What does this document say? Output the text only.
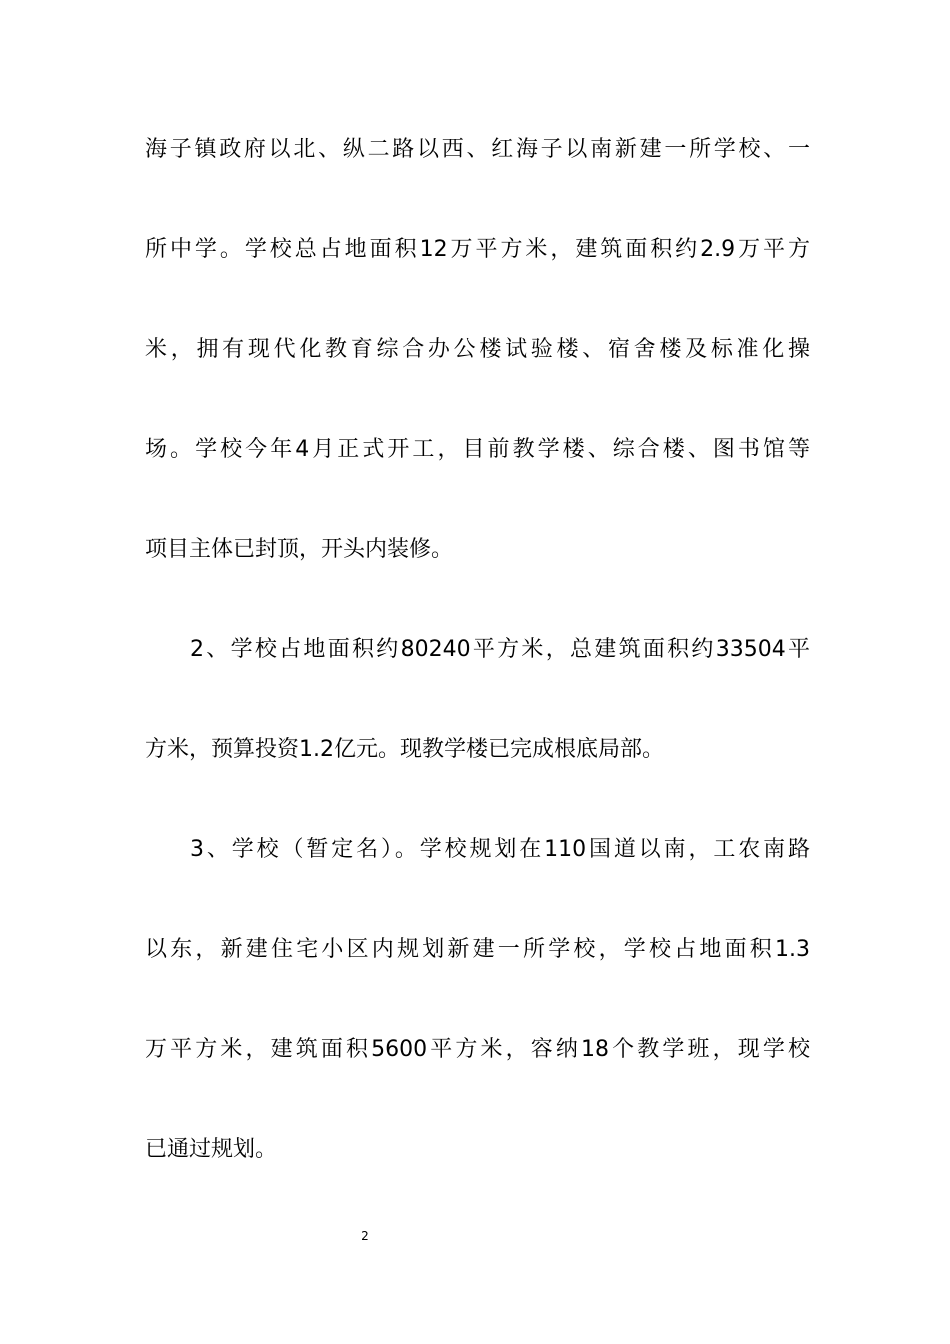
海子镇政府以北、纵二路以西、红海子以南新建一所学校、一
所中学。学校总占地面积12万平方米，建筑面积约2.9万平方
米，拥有现代化教育综合办公楼试验楼、宿舍楼及标准化操
场。学校今年4月正式开工，目前教学楼、综合楼、图书馆等
项目主体已封顶，开头内装修。
2、学校占地面积约80240平方米，总建筑面积约33504平
方米，预算投资1.2亿元。现教学楼已完成根底局部。
3、学校（暂定名）。学校规划在110国道以南，工农南路
以东，新建住宅小区内规划新建一所学校，学校占地面积1.3
万平方米，建筑面积5600平方米，容纳18个教学班，现学校
已通过规划。
2
